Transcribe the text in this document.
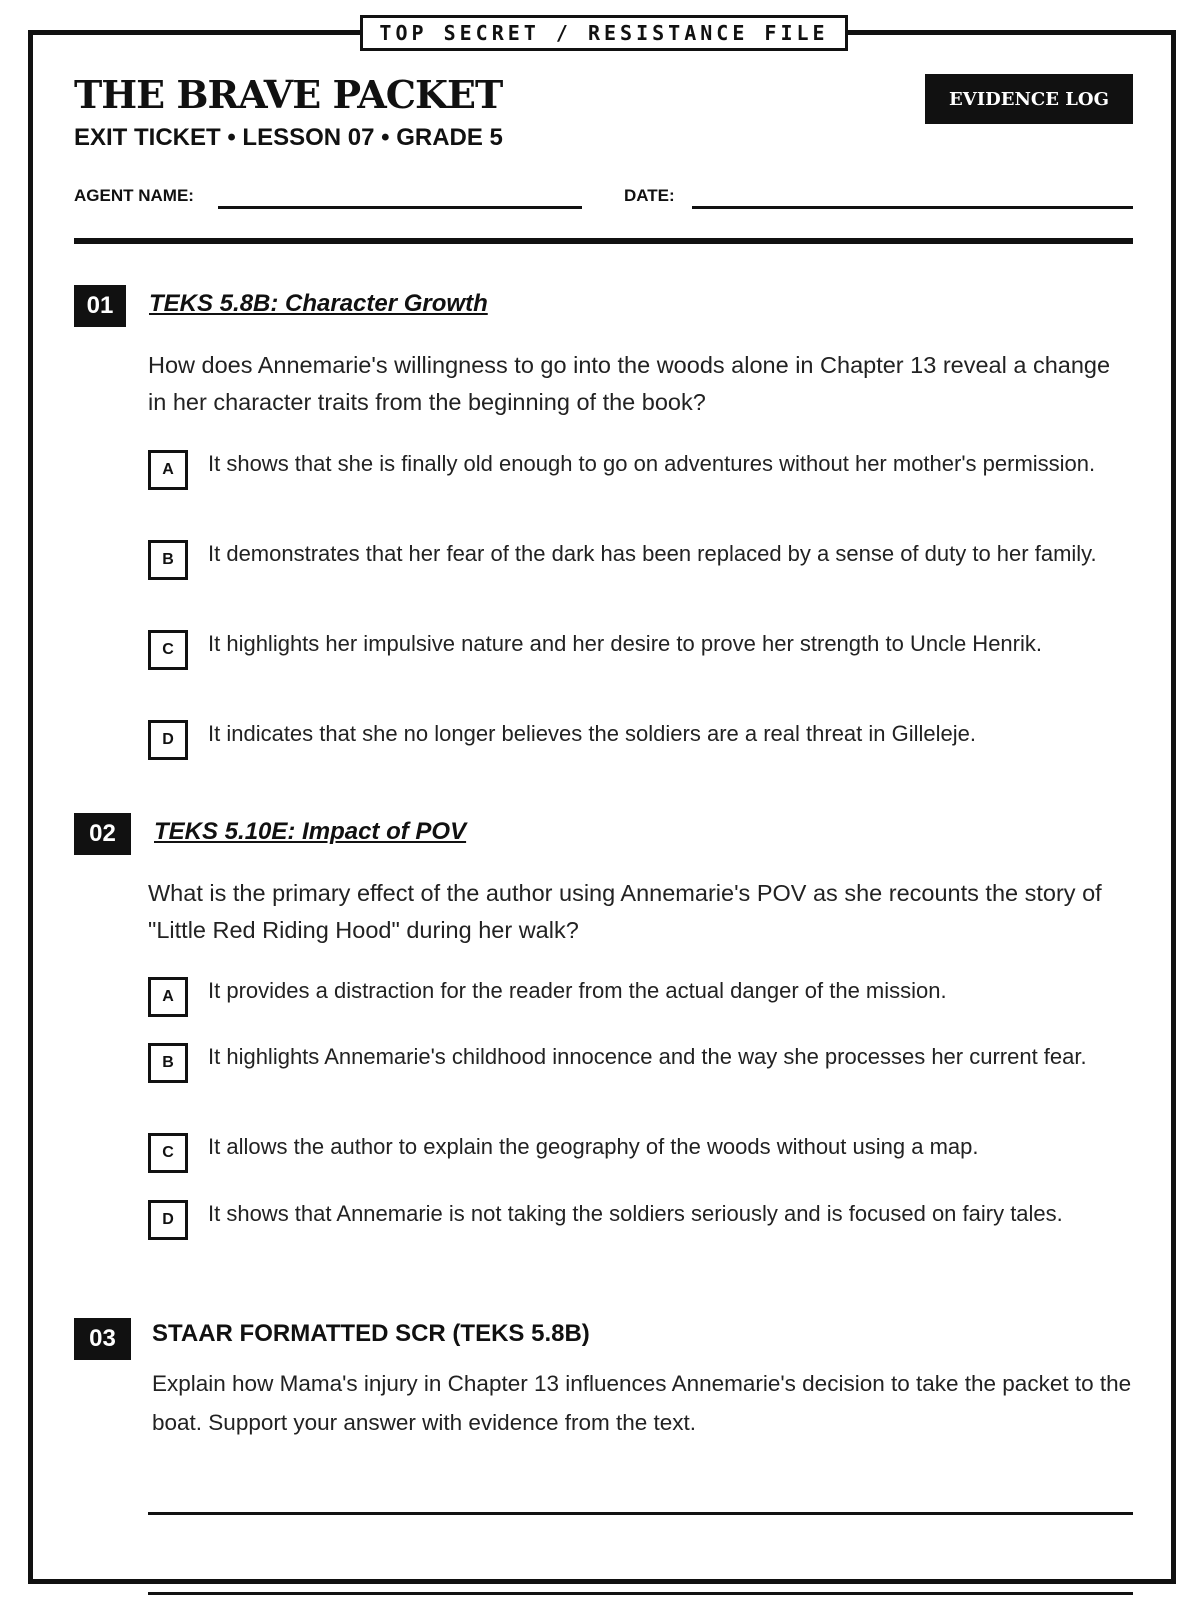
TOP SECRET / RESISTANCE FILE
THE BRAVE PACKET
EXIT TICKET • LESSON 07 • GRADE 5
EVIDENCE LOG
AGENT NAME:	DATE:
01	TEKS 5.8B: Character Growth

How does Annemarie's willingness to go into the woods alone in Chapter 13 reveal a change in her character traits from the beginning of the book?

A	It shows that she is finally old enough to go on adventures without her mother's permission.
B	It demonstrates that her fear of the dark has been replaced by a sense of duty to her family.
C	It highlights her impulsive nature and her desire to prove her strength to Uncle Henrik.
D	It indicates that she no longer believes the soldiers are a real threat in Gilleleje.
02	TEKS 5.10E: Impact of POV

What is the primary effect of the author using Annemarie's POV as she recounts the story of "Little Red Riding Hood" during her walk?

A	It provides a distraction for the reader from the actual danger of the mission.
B	It highlights Annemarie's childhood innocence and the way she processes her current fear.
C	It allows the author to explain the geography of the woods without using a map.
D	It shows that Annemarie is not taking the soldiers seriously and is focused on fairy tales.
03	STAAR FORMATTED SCR (TEKS 5.8B)

Explain how Mama's injury in Chapter 13 influences Annemarie's decision to take the packet to the boat. Support your answer with evidence from the text.
